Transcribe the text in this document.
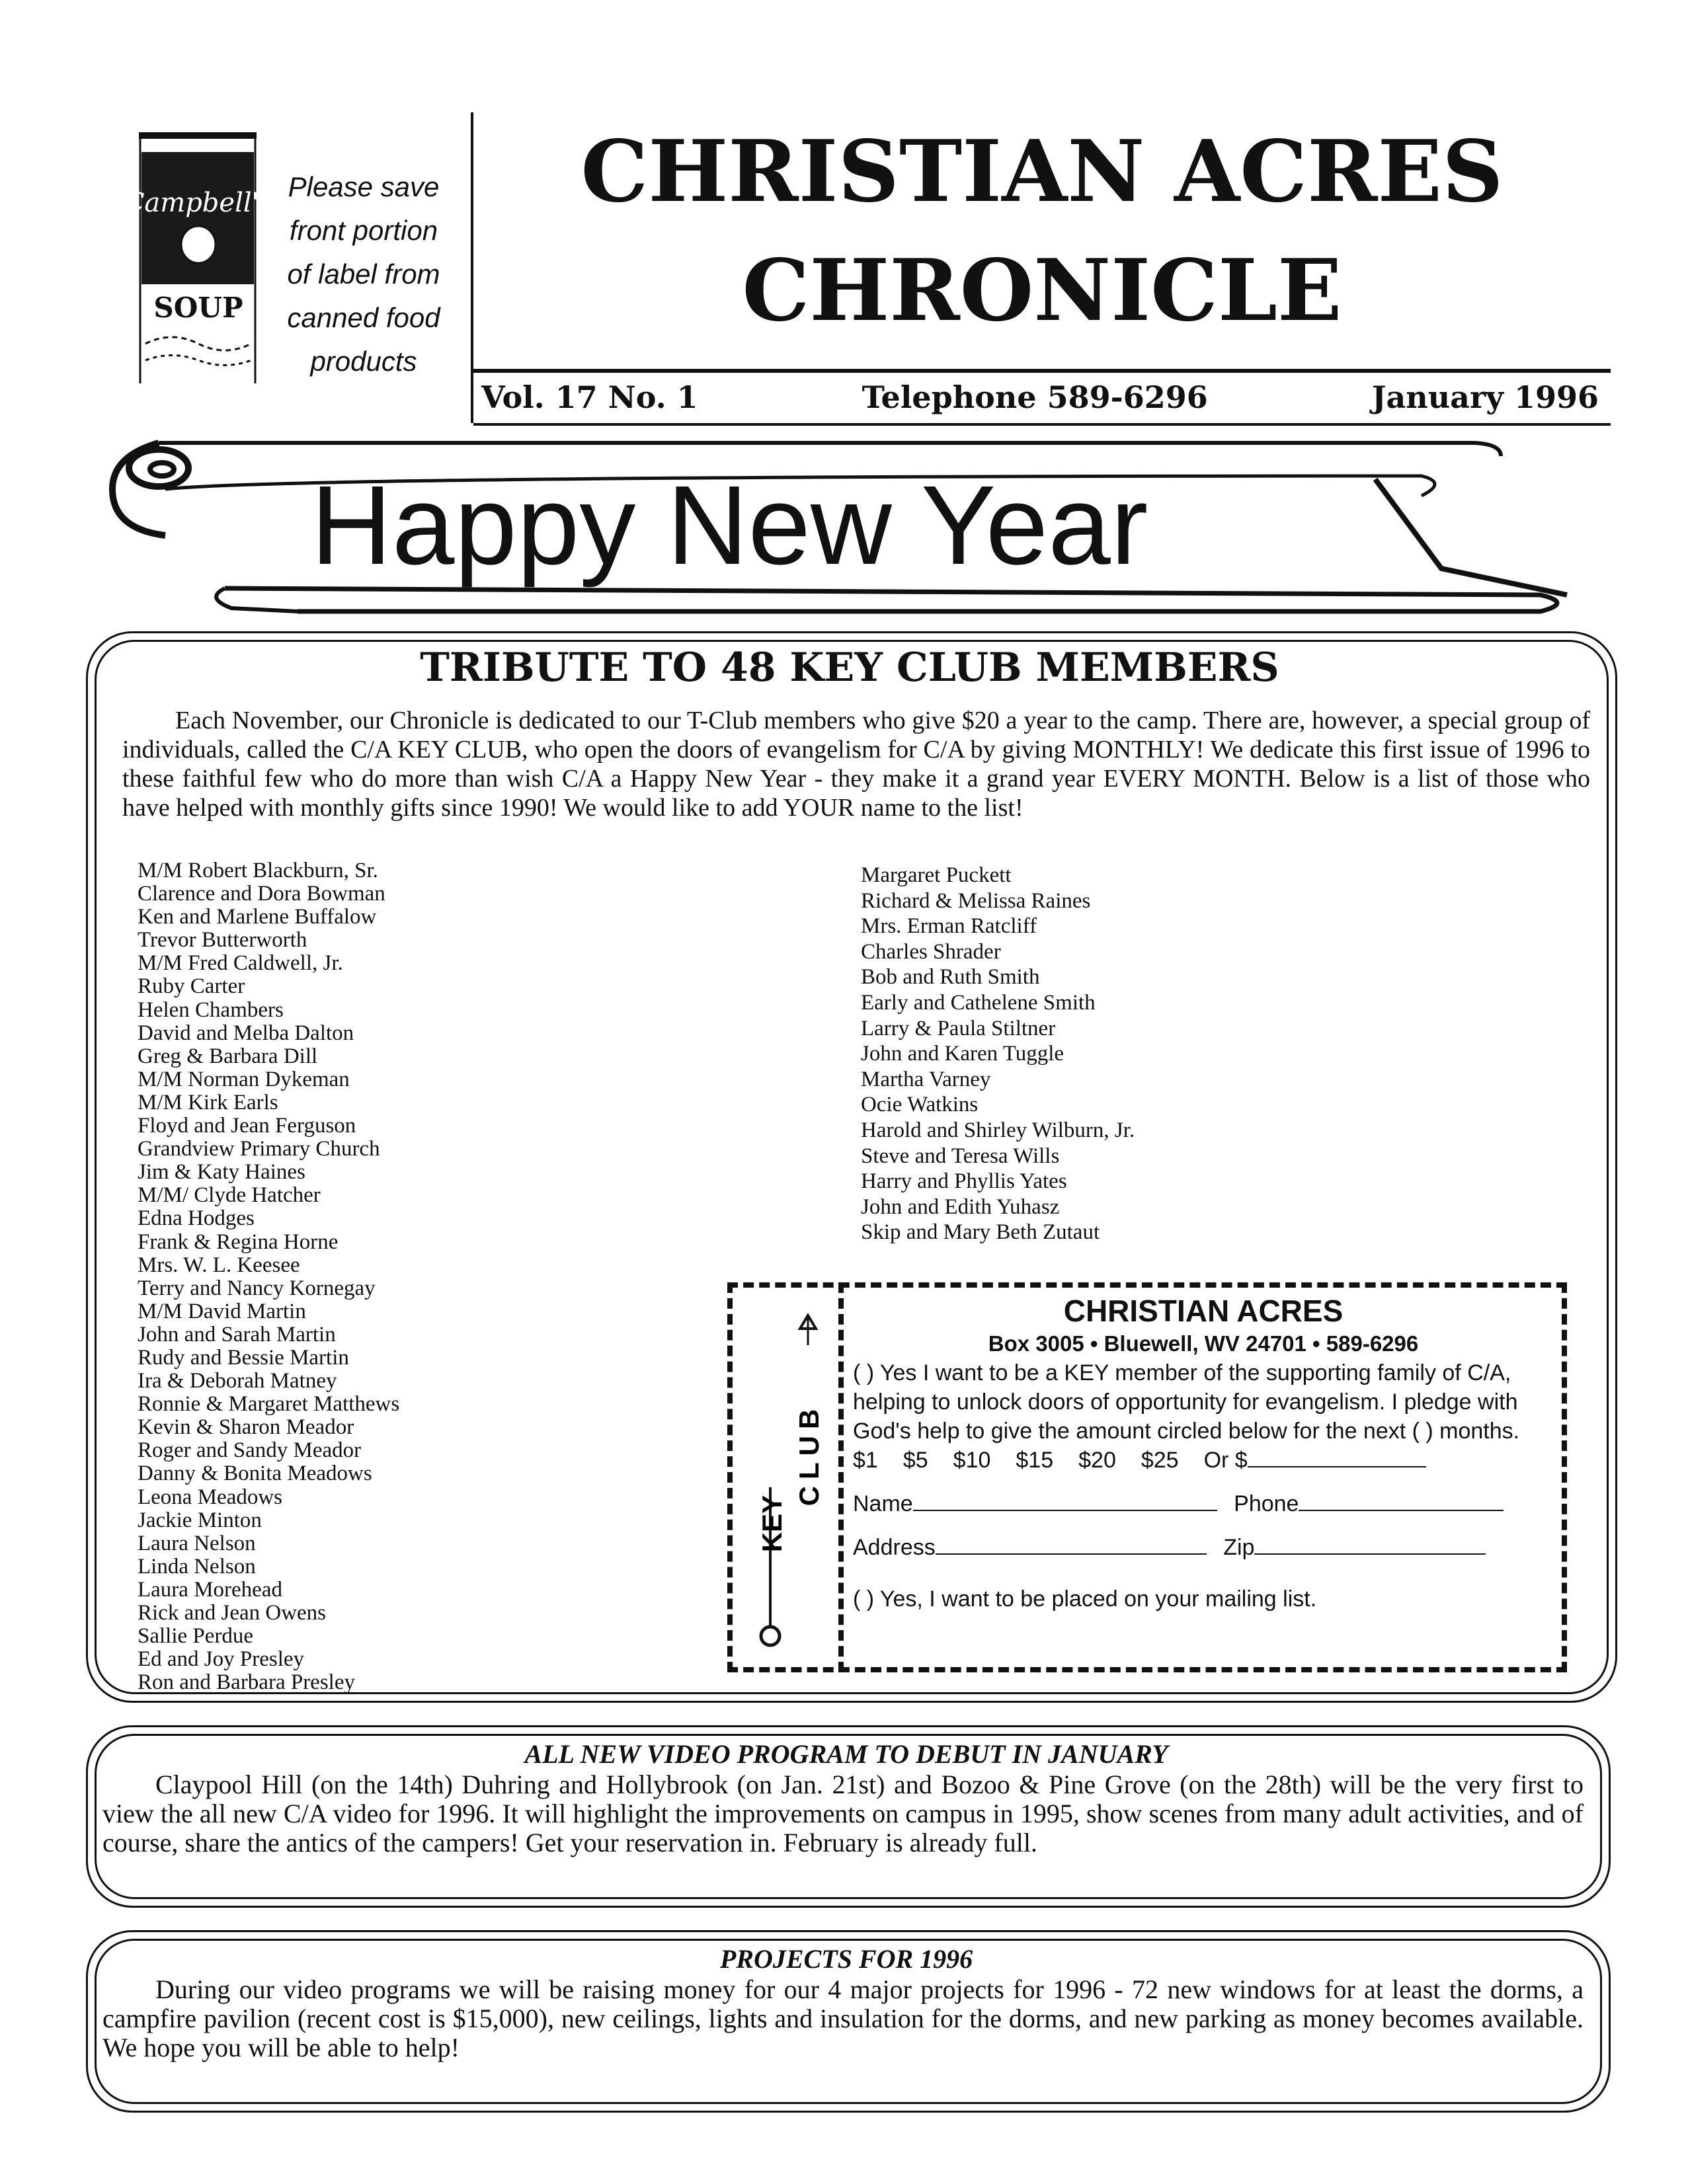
Campbell's
SOUP
Please save
front portion
of label from
canned food
products
CHRISTIAN ACRES
CHRONICLE
Vol. 17 No. 1	Telephone 589-6296	January 1996
Happy New Year
TRIBUTE TO 48 KEY CLUB MEMBERS
Each November, our Chronicle is dedicated to our T-Club members who give $20 a year to the camp. There are, however, a special group of individuals, called the C/A KEY CLUB, who open the doors of evangelism for C/A by giving MONTHLY! We dedicate this first issue of 1996 to these faithful few who do more than wish C/A a Happy New Year - they make it a grand year EVERY MONTH. Below is a list of those who have helped with monthly gifts since 1990! We would like to add YOUR name to the list!
M/M Robert Blackburn, Sr.
Clarence and Dora Bowman
Ken and Marlene Buffalow
Trevor Butterworth
M/M Fred Caldwell, Jr.
Ruby Carter
Helen Chambers
David and Melba Dalton
Greg & Barbara Dill
M/M Norman Dykeman
M/M Kirk Earls
Floyd and Jean Ferguson
Grandview Primary Church
Jim & Katy Haines
M/M/ Clyde Hatcher
Edna Hodges
Frank & Regina Horne
Mrs. W. L. Keesee
Terry and Nancy Kornegay
M/M David Martin
John and Sarah Martin
Rudy and Bessie Martin
Ira & Deborah Matney
Ronnie & Margaret Matthews
Kevin & Sharon Meador
Roger and Sandy Meador
Danny & Bonita Meadows
Leona Meadows
Jackie Minton
Laura Nelson
Linda Nelson
Laura Morehead
Rick and Jean Owens
Sallie Perdue
Ed and Joy Presley
Ron and Barbara Presley
Margaret Puckett
Richard & Melissa Raines
Mrs. Erman Ratcliff
Charles Shrader
Bob and Ruth Smith
Early and Cathelene Smith
Larry & Paula Stiltner
John and Karen Tuggle
Martha Varney
Ocie Watkins
Harold and Shirley Wilburn, Jr.
Steve and Teresa Wills
Harry and Phyllis Yates
John and Edith Yuhasz
Skip and Mary Beth Zutaut
KEY
CLUB
CHRISTIAN ACRES
Box 3005 • Bluewell, WV 24701 • 589-6296
( ) Yes I want to be a KEY member of the supporting family of C/A, helping to unlock doors of opportunity for evangelism. I pledge with God's help to give the amount circled below for the next ( ) months.
$1 $5 $10 $15 $20 $25 Or $
Name	Phone
Address	Zip
( ) Yes, I want to be placed on your mailing list.
ALL NEW VIDEO PROGRAM TO DEBUT IN JANUARY
Claypool Hill (on the 14th) Duhring and Hollybrook (on Jan. 21st) and Bozoo & Pine Grove (on the 28th) will be the very first to view the all new C/A video for 1996. It will highlight the improvements on campus in 1995, show scenes from many adult activities, and of course, share the antics of the campers! Get your reservation in. February is already full.
PROJECTS FOR 1996
During our video programs we will be raising money for our 4 major projects for 1996 - 72 new windows for at least the dorms, a campfire pavilion (recent cost is $15,000), new ceilings, lights and insulation for the dorms, and new parking as money becomes available. We hope you will be able to help!
